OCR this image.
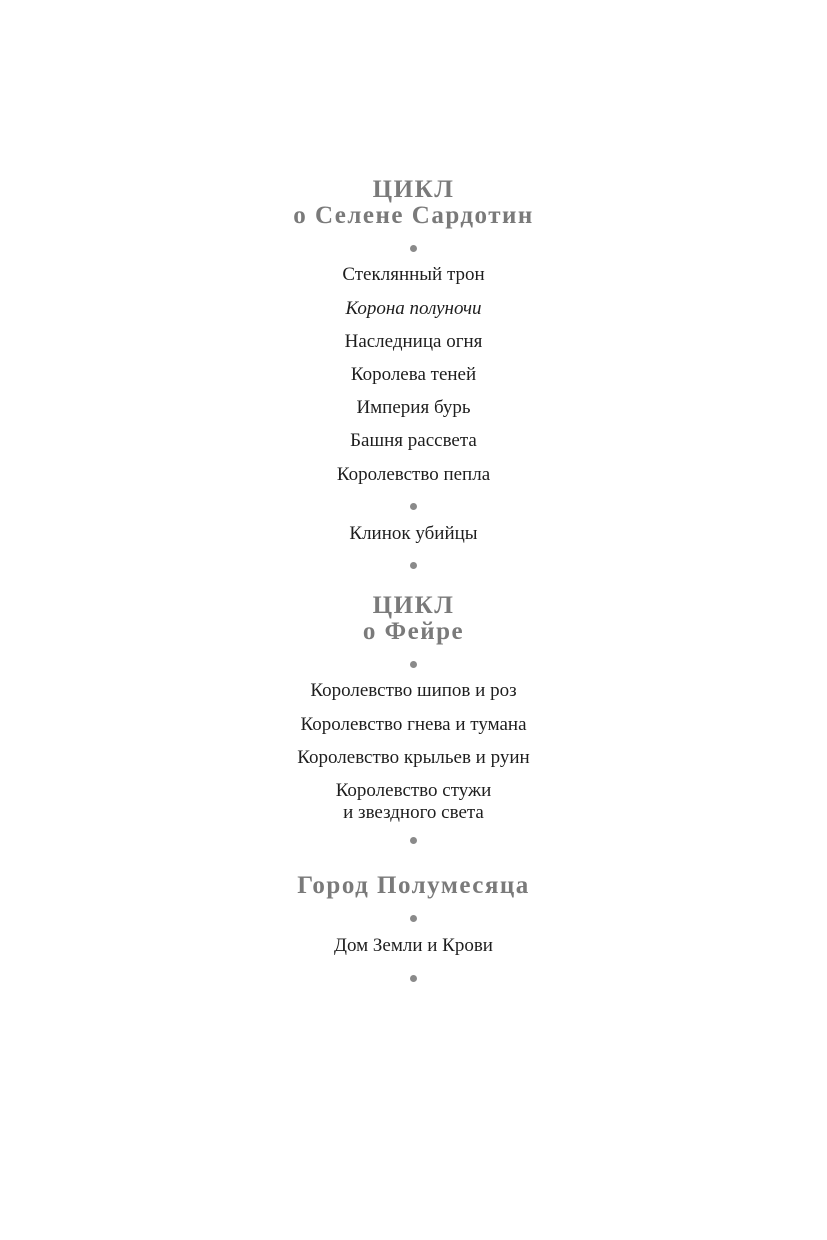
ЦИКЛ
о Селене Сардотин
Стеклянный трон
Корона полуночи
Наследница огня
Королева теней
Империя бурь
Башня рассвета
Королевство пепла
Клинок убийцы
ЦИКЛ
о Фейре
Королевство шипов и роз
Королевство гнева и тумана
Королевство крыльев и руин
Королевство стужи
и звездного света
Город Полумесяца
Дом Земли и Крови
